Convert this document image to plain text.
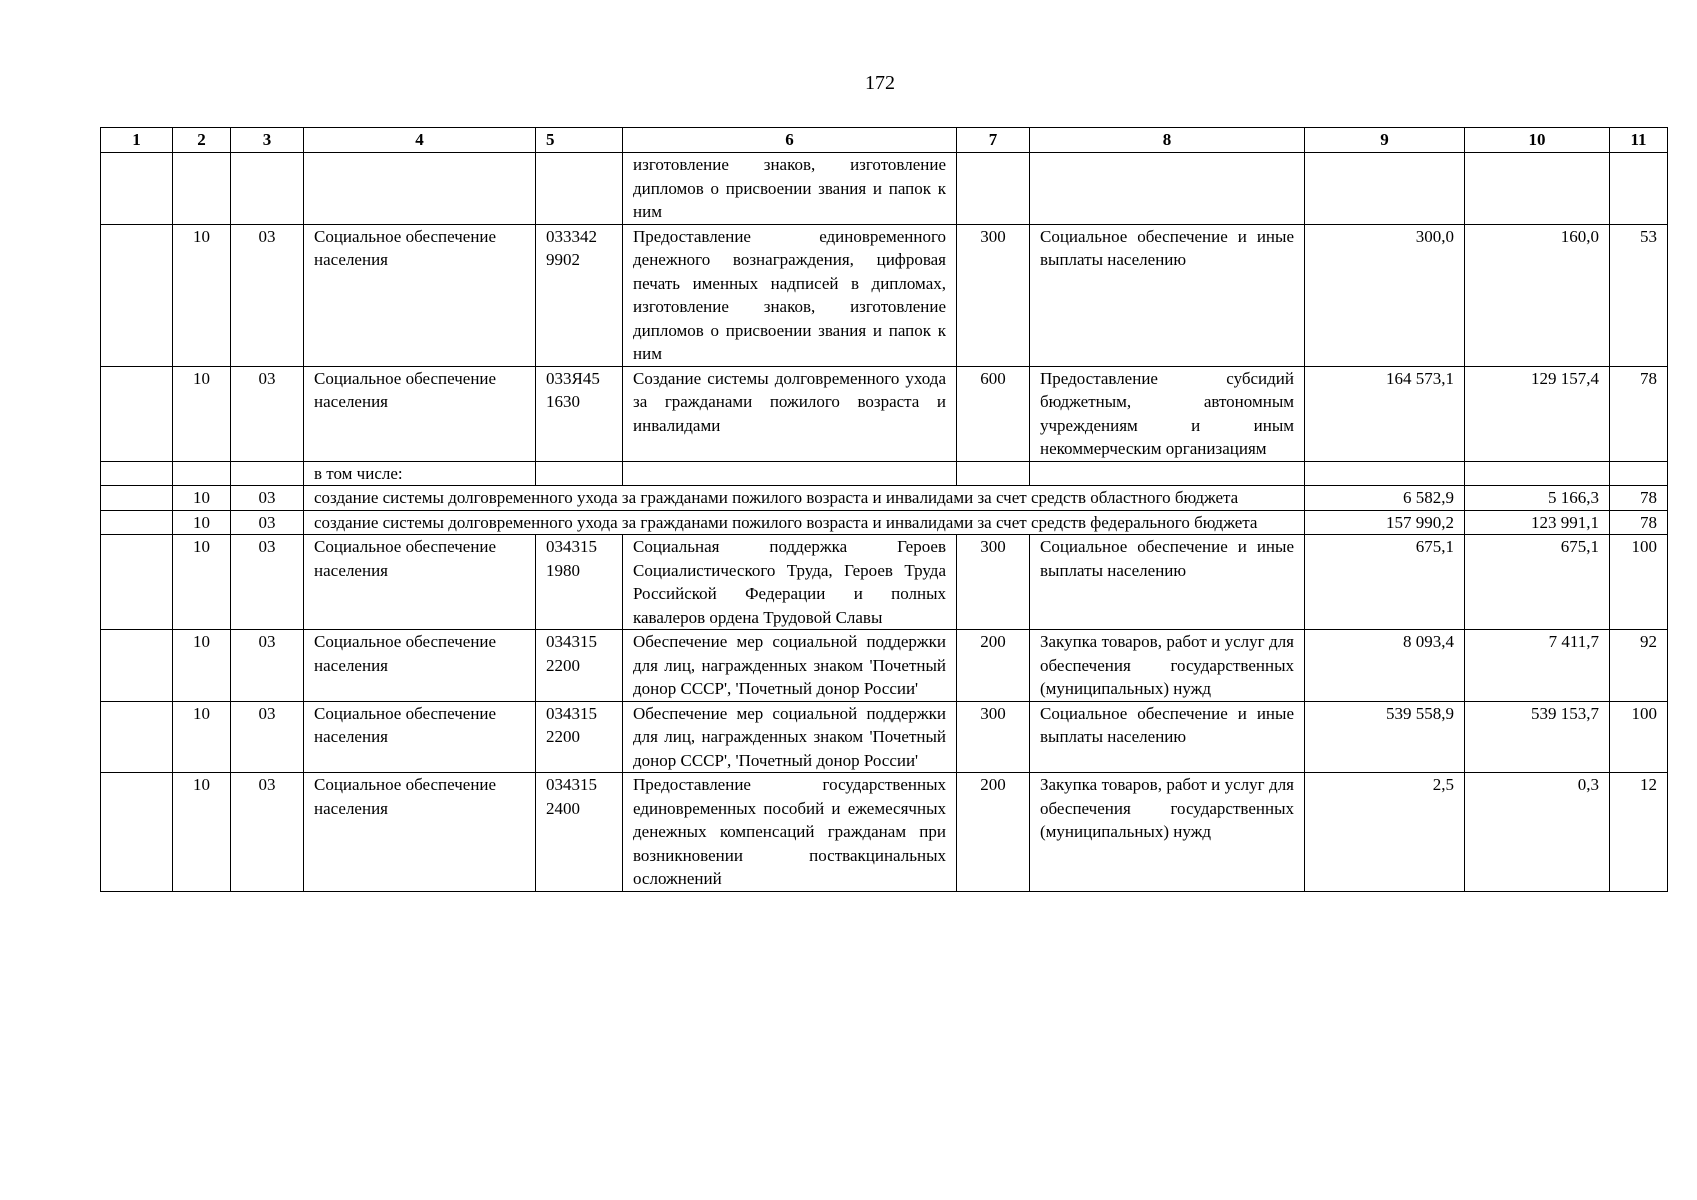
172
1	2	3	4	5	6	7	8	9	10	11
					изготовление знаков, изготовление дипломов о присвоении звания и папок к ним					
	10	03	Социальное обеспечение населения	033342 9902	Предоставление единовременного денежного вознаграждения, цифровая печать именных надписей в дипломах, изготовление знаков, изготовление дипломов о присвоении звания и папок к ним	300	Социальное обеспечение и иные выплаты населению	300,0	160,0	53
	10	03	Социальное обеспечение населения	033Я45 1630	Создание системы долговременного ухода за гражданами пожилого возраста и инвалидами	600	Предоставление субсидий бюджетным, автономным учреждениям и иным некоммерческим организациям	164 573,1	129 157,4	78
			в том числе:							
	10	03	создание системы долговременного ухода за гражданами пожилого возраста и инвалидами за счет средств областного бюджета					6 582,9	5 166,3	78
	10	03	создание системы долговременного ухода за гражданами пожилого возраста и инвалидами за счет средств федерального бюджета					157 990,2	123 991,1	78
	10	03	Социальное обеспечение населения	034315 1980	Социальная поддержка Героев Социалистического Труда, Героев Труда Российской Федерации и полных кавалеров ордена Трудовой Славы	300	Социальное обеспечение и иные выплаты населению	675,1	675,1	100
	10	03	Социальное обеспечение населения	034315 2200	Обеспечение мер социальной поддержки для лиц, награжденных знаком 'Почетный донор СССР', 'Почетный донор России'	200	Закупка товаров, работ и услуг для обеспечения государственных (муниципальных) нужд	8 093,4	7 411,7	92
	10	03	Социальное обеспечение населения	034315 2200	Обеспечение мер социальной поддержки для лиц, награжденных знаком 'Почетный донор СССР', 'Почетный донор России'	300	Социальное обеспечение и иные выплаты населению	539 558,9	539 153,7	100
	10	03	Социальное обеспечение населения	034315 2400	Предоставление государственных единовременных пособий и ежемесячных денежных компенсаций гражданам при возникновении поствакцинальных осложнений	200	Закупка товаров, работ и услуг для обеспечения государственных (муниципальных) нужд	2,5	0,3	12
